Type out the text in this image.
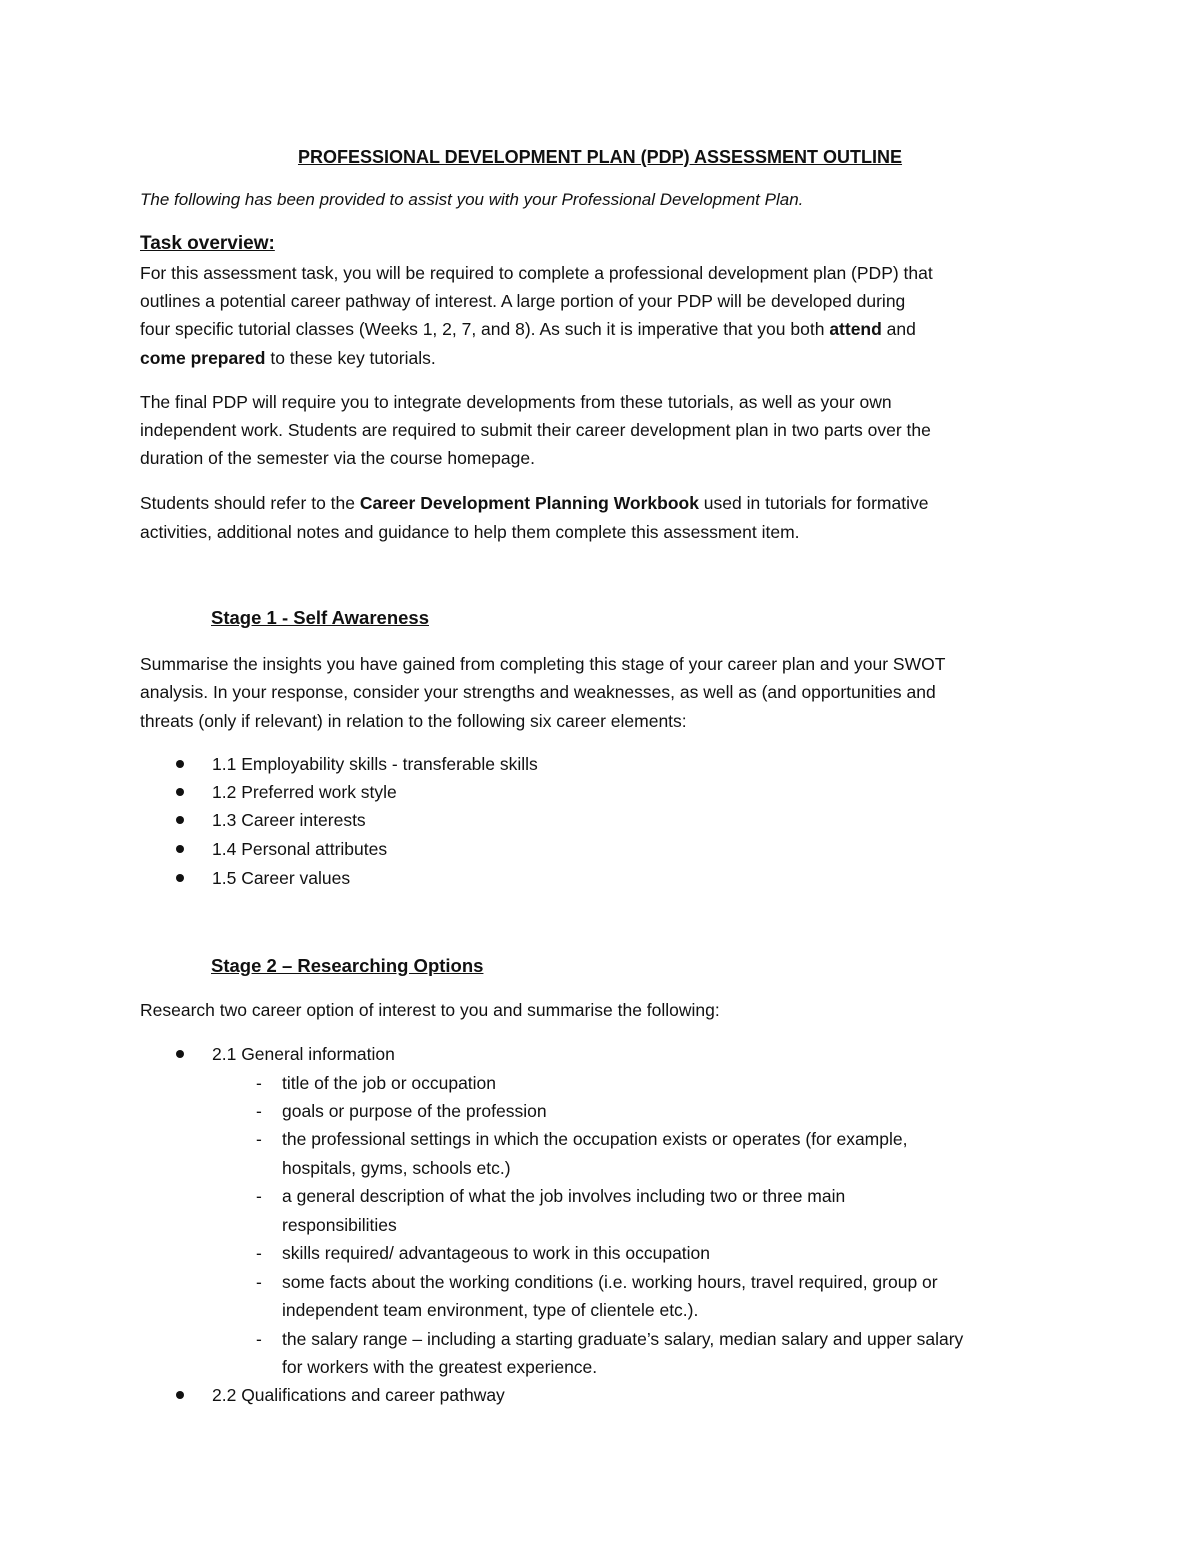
PROFESSIONAL DEVELOPMENT PLAN (PDP) ASSESSMENT OUTLINE

The following has been provided to assist you with your Professional Development Plan.

Task overview:
For this assessment task, you will be required to complete a professional development plan (PDP) that
outlines a potential career pathway of interest. A large portion of your PDP will be developed during
four specific tutorial classes (Weeks 1, 2, 7, and 8). As such it is imperative that you both attend and
come prepared to these key tutorials.
The final PDP will require you to integrate developments from these tutorials, as well as your own
independent work. Students are required to submit their career development plan in two parts over the
duration of the semester via the course homepage.
Students should refer to the Career Development Planning Workbook used in tutorials for formative
activities, additional notes and guidance to help them complete this assessment item.
Stage 1 - Self Awareness
Summarise the insights you have gained from completing this stage of your career plan and your SWOT
analysis. In your response, consider your strengths and weaknesses, as well as (and opportunities and
threats (only if relevant) in relation to the following six career elements:
1.1 Employability skills - transferable skills
1.2 Preferred work style
1.3 Career interests
1.4 Personal attributes
1.5 Career values
Stage 2 – Researching Options
Research two career option of interest to you and summarise the following:
2.1 General information
- title of the job or occupation
- goals or purpose of the profession
- the professional settings in which the occupation exists or operates (for example,
hospitals, gyms, schools etc.)
- a general description of what the job involves including two or three main
responsibilities
- skills required/ advantageous to work in this occupation
- some facts about the working conditions (i.e. working hours, travel required, group or
independent team environment, type of clientele etc.).
- the salary range – including a starting graduate’s salary, median salary and upper salary
for workers with the greatest experience.
2.2 Qualifications and career pathway
